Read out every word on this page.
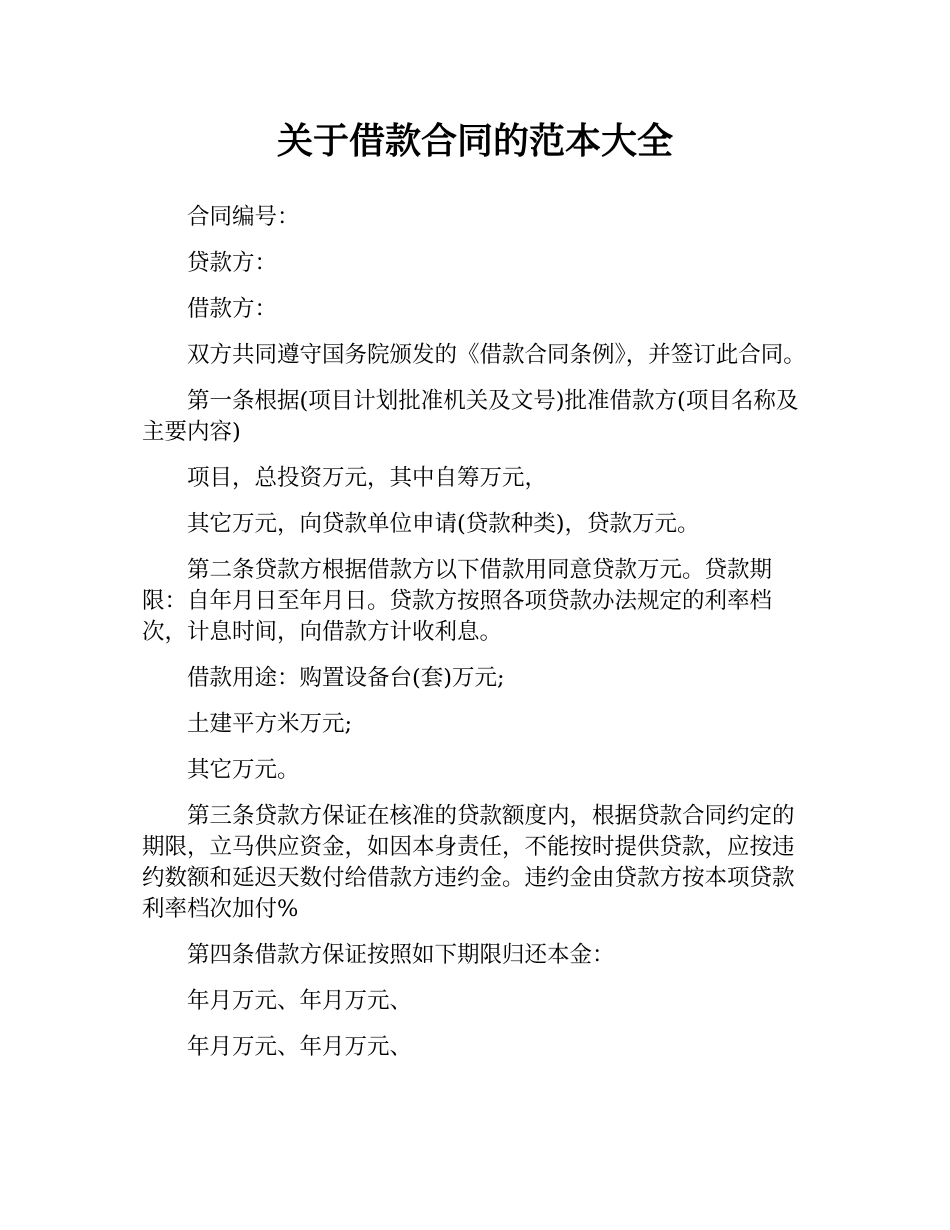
关于借款合同的范本大全

合同编号：

贷款方：

借款方：

双方共同遵守国务院颁发的《借款合同条例》，并签订此合同。

第一条根据(项目计划批准机关及文号)批准借款方(项目名称及主要内容)

项目，总投资万元，其中自筹万元，

其它万元，向贷款单位申请(贷款种类)，贷款万元。

第二条贷款方根据借款方以下借款用同意贷款万元。贷款期限：自年月日至年月日。贷款方按照各项贷款办法规定的利率档次，计息时间，向借款方计收利息。

借款用途：购置设备台(套)万元;

土建平方米万元;

其它万元。

第三条贷款方保证在核准的贷款额度内，根据贷款合同约定的期限，立马供应资金，如因本身责任，不能按时提供贷款，应按违约数额和延迟天数付给借款方违约金。违约金由贷款方按本项贷款利率档次加付%

第四条借款方保证按照如下期限归还本金：

年月万元、年月万元、

年月万元、年月万元、
